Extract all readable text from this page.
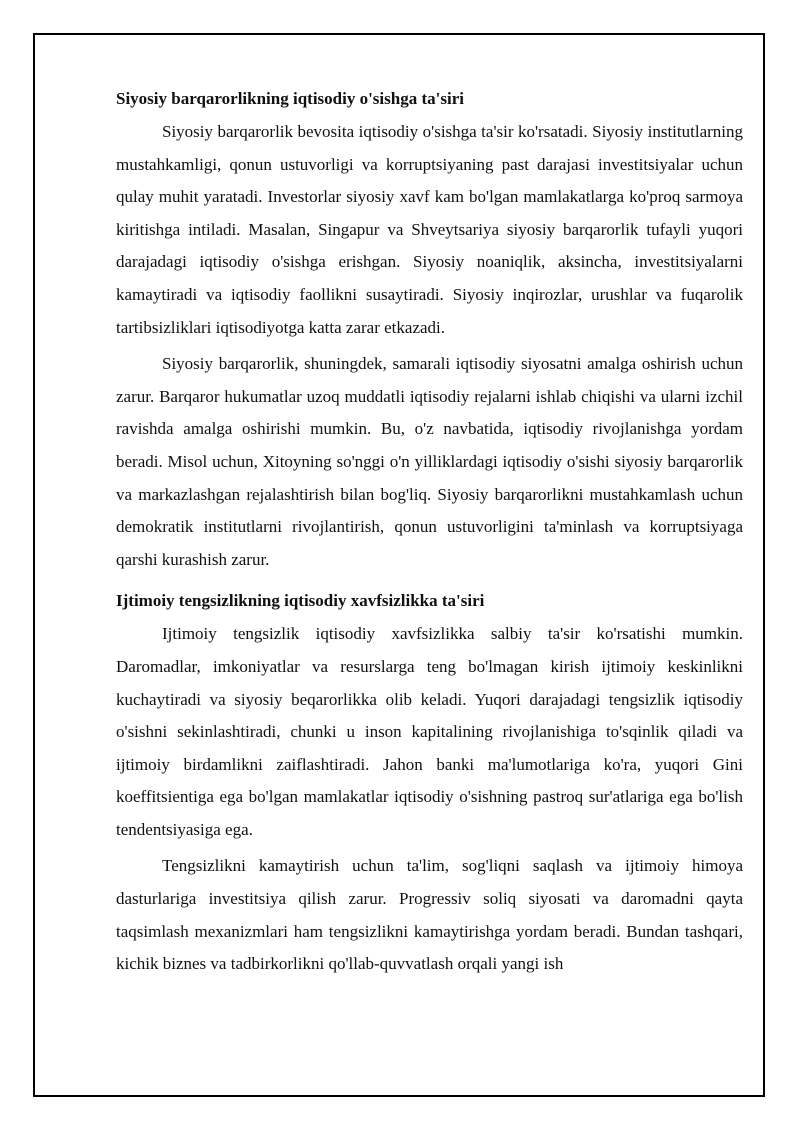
Siyosiy barqarorlikning iqtisodiy o'sishga ta'siri

Siyosiy barqarorlik bevosita iqtisodiy o'sishga ta'sir ko'rsatadi. Siyosiy institutlarning mustahkamligi, qonun ustuvorligi va korruptsiyaning past darajasi investitsiyalar uchun qulay muhit yaratadi. Investorlar siyosiy xavf kam bo'lgan mamlakatlarga ko'proq sarmoya kiritishga intiladi. Masalan, Singapur va Shveytsariya siyosiy barqarorlik tufayli yuqori darajadagi iqtisodiy o'sishga erishgan. Siyosiy noaniqlik, aksincha, investitsiyalarni kamaytiradi va iqtisodiy faollikni susaytiradi. Siyosiy inqirozlar, urushlar va fuqarolik tartibsizliklari iqtisodiyotga katta zarar etkazadi.

Siyosiy barqarorlik, shuningdek, samarali iqtisodiy siyosatni amalga oshirish uchun zarur. Barqaror hukumatlar uzoq muddatli iqtisodiy rejalarni ishlab chiqishi va ularni izchil ravishda amalga oshirishi mumkin. Bu, o'z navbatida, iqtisodiy rivojlanishga yordam beradi. Misol uchun, Xitoyning so'nggi o'n yilliklardagi iqtisodiy o'sishi siyosiy barqarorlik va markazlashgan rejalashtirish bilan bog'liq. Siyosiy barqarorlikni mustahkamlash uchun demokratik institutlarni rivojlantirish, qonun ustuvorligini ta'minlash va korruptsiyaga qarshi kurashish zarur.

Ijtimoiy tengsizlikning iqtisodiy xavfsizlikka ta'siri

Ijtimoiy tengsizlik iqtisodiy xavfsizlikka salbiy ta'sir ko'rsatishi mumkin. Daromadlar, imkoniyatlar va resurslarga teng bo'lmagan kirish ijtimoiy keskinlikni kuchaytiradi va siyosiy beqarorlikka olib keladi. Yuqori darajadagi tengsizlik iqtisodiy o'sishni sekinlashtiradi, chunki u inson kapitalining rivojlanishiga to'sqinlik qiladi va ijtimoiy birdamlikni zaiflashtiradi. Jahon banki ma'lumotlariga ko'ra, yuqori Gini koeffitsientiga ega bo'lgan mamlakatlar iqtisodiy o'sishning pastroq sur'atlariga ega bo'lish tendentsiyasiga ega.

Tengsizlikni kamaytirish uchun ta'lim, sog'liqni saqlash va ijtimoiy himoya dasturlariga investitsiya qilish zarur. Progressiv soliq siyosati va daromadni qayta taqsimlash mexanizmlari ham tengsizlikni kamaytirishga yordam beradi. Bundan tashqari, kichik biznes va tadbirkorlikni qo'llab-quvvatlash orqali yangi ish
